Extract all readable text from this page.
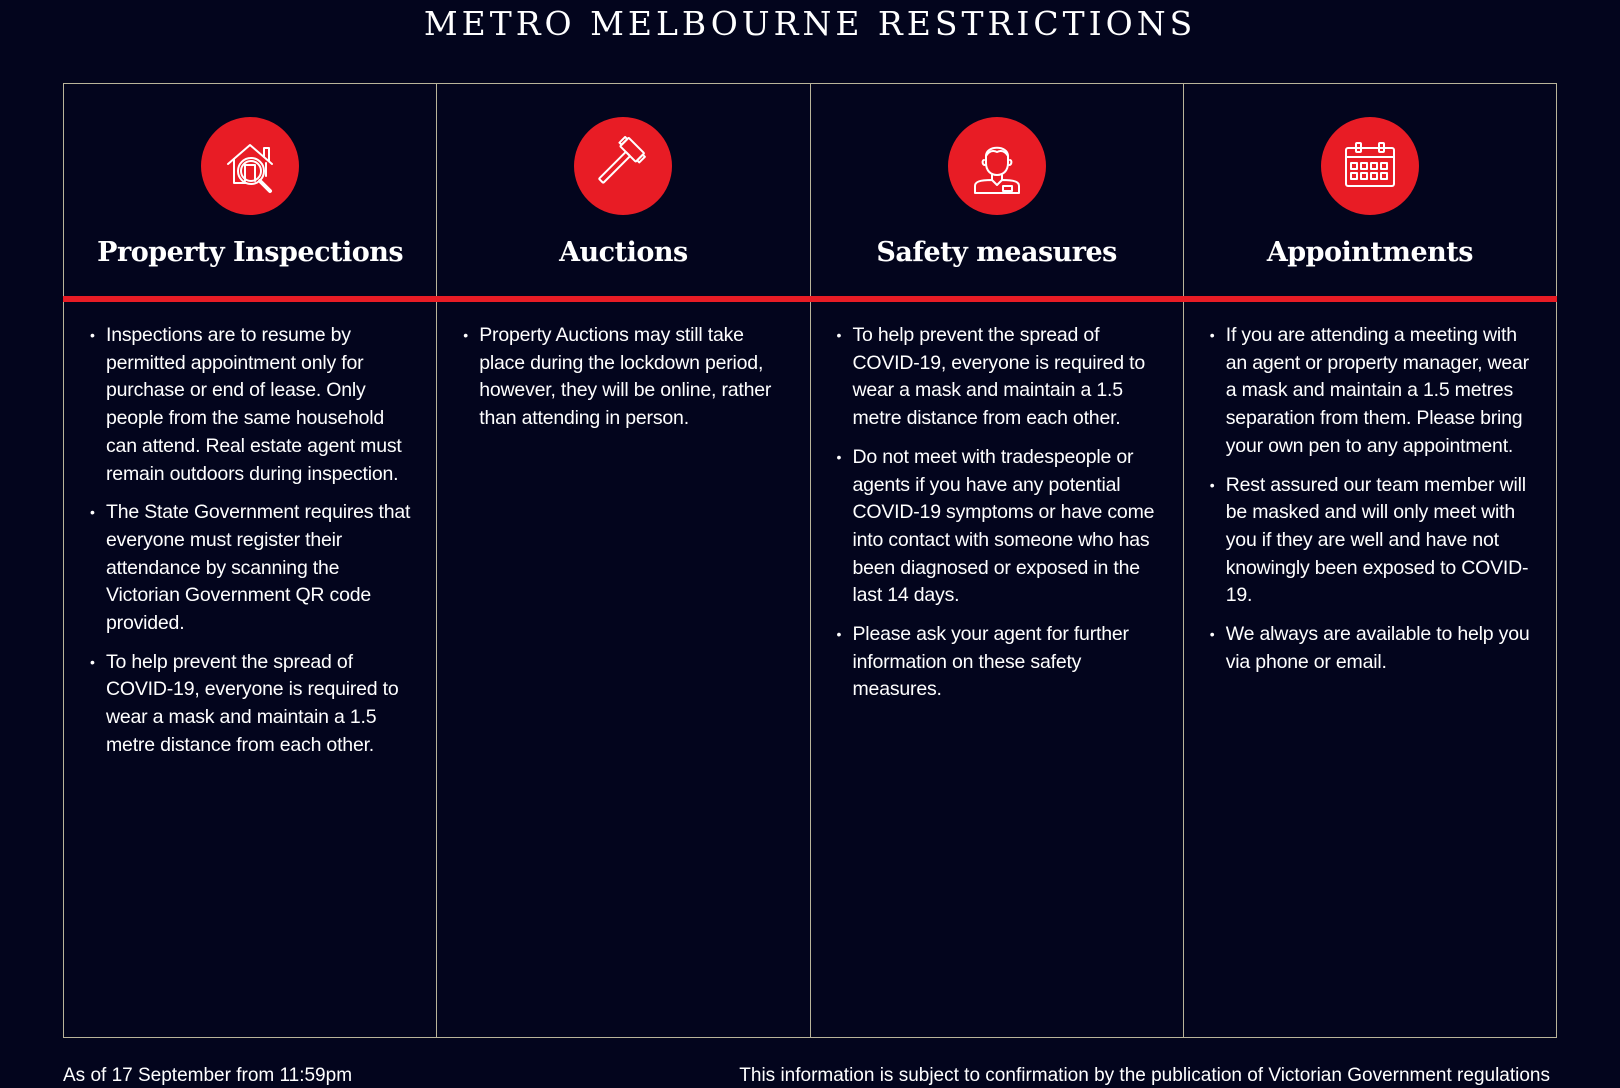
METRO MELBOURNE RESTRICTIONS
Property Inspections
• Inspections are to resume by permitted appointment only for purchase or end of lease. Only people from the same household can attend. Real estate agent must remain outdoors during inspection.
• The State Government requires that everyone must register their attendance by scanning the Victorian Government QR code provided.
• To help prevent the spread of COVID-19, everyone is required to wear a mask and maintain a 1.5 metre distance from each other.
Auctions
• Property Auctions may still take place during the lockdown period, however, they will be online, rather than attending in person.
Safety measures
• To help prevent the spread of COVID-19, everyone is required to wear a mask and maintain a 1.5 metre distance from each other.
• Do not meet with tradespeople or agents if you have any potential COVID-19 symptoms or have come into contact with someone who has been diagnosed or exposed in the last 14 days.
• Please ask your agent for further information on these safety measures.
Appointments
• If you are attending a meeting with an agent or property manager, wear a mask and maintain a 1.5 metres separation from them. Please bring your own pen to any appointment.
• Rest assured our team member will be masked and will only meet with you if they are well and have not knowingly been exposed to COVID-19.
• We always are available to help you via phone or email.
As of 17 September from 11:59pm	This information is subject to confirmation by the publication of Victorian Government regulations
